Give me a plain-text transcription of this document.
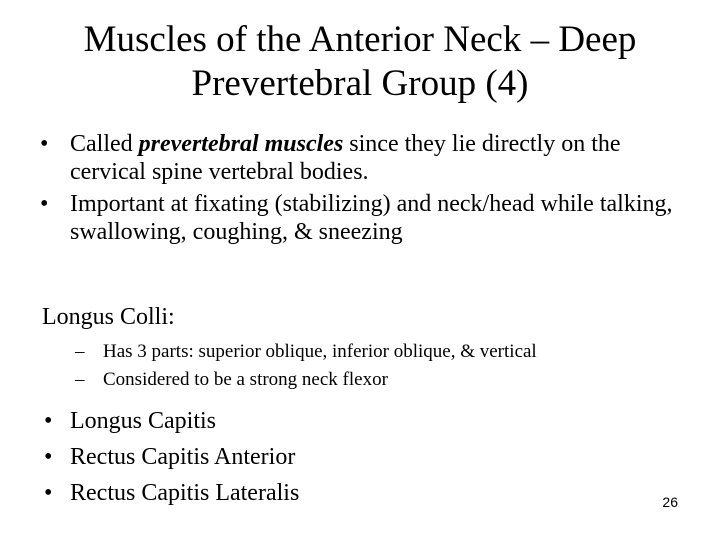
Muscles of the Anterior Neck – Deep
Prevertebral Group (4)
• Called prevertebral muscles since they lie directly on the cervical spine vertebral bodies.
• Important at fixating (stabilizing) and neck/head while talking, swallowing, coughing, & sneezing
Longus Colli:
– Has 3 parts: superior oblique, inferior oblique, & vertical
– Considered to be a strong neck flexor
• Longus Capitis
• Rectus Capitis Anterior
• Rectus Capitis Lateralis	26
